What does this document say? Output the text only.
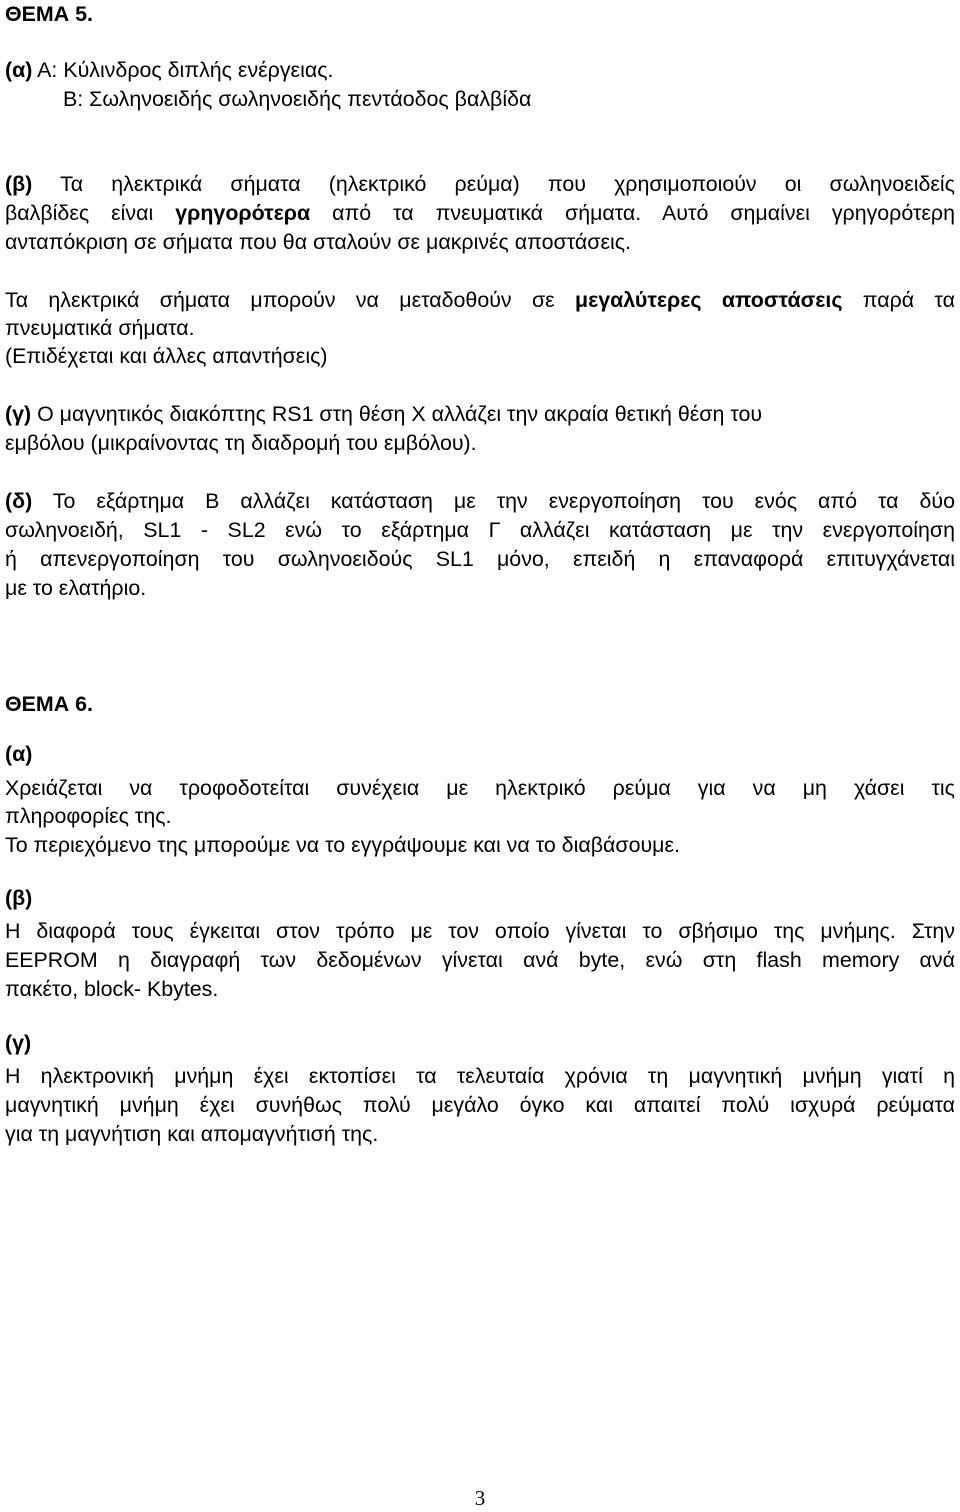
ΘΕΜΑ 5.
(α) Α: Κύλινδρος διπλής ενέργειας.
Β: Σωληνοειδής σωληνοειδής πεντάοδος βαλβίδα
(β) Τα ηλεκτρικά σήματα (ηλεκτρικό ρεύμα) που χρησιμοποιούν οι σωληνοειδείς
βαλβίδες είναι γρηγορότερα από τα πνευματικά σήματα. Αυτό σημαίνει γρηγορότερη
ανταπόκριση σε σήματα που θα σταλούν σε μακρινές αποστάσεις.
Τα ηλεκτρικά σήματα μπορούν να μεταδοθούν σε μεγαλύτερες αποστάσεις παρά τα
πνευματικά σήματα.
(Επιδέχεται και άλλες απαντήσεις)
(γ) Ο μαγνητικός διακόπτης RS1 στη θέση Χ αλλάζει την ακραία θετική θέση του
εμβόλου (μικραίνοντας τη διαδρομή του εμβόλου).
(δ) Το εξάρτημα Β αλλάζει κατάσταση με την ενεργοποίηση του ενός από τα δύο
σωληνοειδή, SL1 - SL2 ενώ το εξάρτημα Γ αλλάζει κατάσταση με την ενεργοποίηση
ή απενεργοποίηση του σωληνοειδούς SL1 μόνο, επειδή η επαναφορά επιτυγχάνεται
με το ελατήριο.
ΘΕΜΑ 6.
(α)
Χρειάζεται να τροφοδοτείται συνέχεια με ηλεκτρικό ρεύμα για να μη χάσει τις
πληροφορίες της.
Το περιεχόμενο της μπορούμε να το εγγράψουμε και να το διαβάσουμε.
(β)
Η διαφορά τους έγκειται στον τρόπο με τον οποίο γίνεται το σβήσιμο της μνήμης. Στην
EEPROM η διαγραφή των δεδομένων γίνεται ανά byte, ενώ στη flash memory ανά
πακέτο, block- Kbytes.
(γ)
Η ηλεκτρονική μνήμη έχει εκτοπίσει τα τελευταία χρόνια τη μαγνητική μνήμη γιατί η
μαγνητική μνήμη έχει συνήθως πολύ μεγάλο όγκο και απαιτεί πολύ ισχυρά ρεύματα
για τη μαγνήτιση και απομαγνήτισή της.
3
